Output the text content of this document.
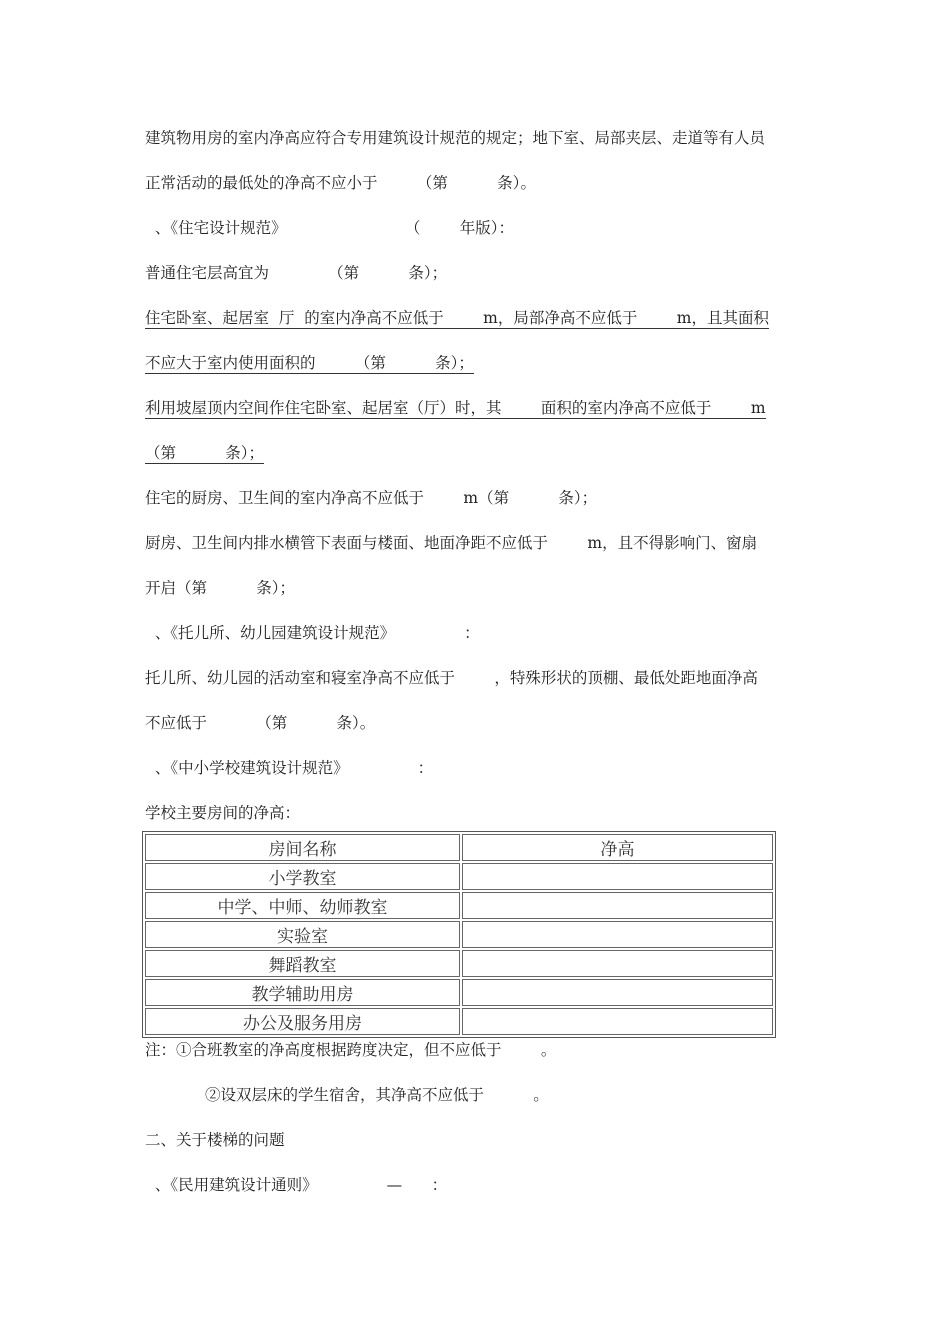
建筑物用房的室内净高应符合专用建筑设计规范的规定；地下室、局部夹层、走道等有人员

正常活动的最低处的净高不应小于        （第          条）。

、《住宅设计规范》                        （        年版）：

普通住宅层高宜为            （第          条）；

住宅卧室、起居室  厅  的室内净高不应低于        m，局部净高不应低于        m，且其面积

不应大于室内使用面积的        （第          条）；

利用坡屋顶内空间作住宅卧室、起居室（厅）时，其        面积的室内净高不应低于        m

（第          条）；

住宅的厨房、卫生间的室内净高不应低于        m（第          条）；

厨房、卫生间内排水横管下表面与楼面、地面净距不应低于        m，且不得影响门、窗扇

开启（第          条）；

、《托儿所、幼儿园建筑设计规范》              ：

托儿所、幼儿园的活动室和寝室净高不应低于        ，特殊形状的顶棚、最低处距地面净高

不应低于          （第          条）。

、《中小学校建筑设计规范》              ：

学校主要房间的净高：

房间名称	净高
小学教室	
中学、中师、幼师教室	
实验室	
舞蹈教室	
教学辅助用房	
办公及服务用房	

注：①合班教室的净高度根据跨度决定，但不应低于        。

②设双层床的学生宿舍，其净高不应低于          。

二、关于楼梯的问题

、《民用建筑设计通则》              —      ：
